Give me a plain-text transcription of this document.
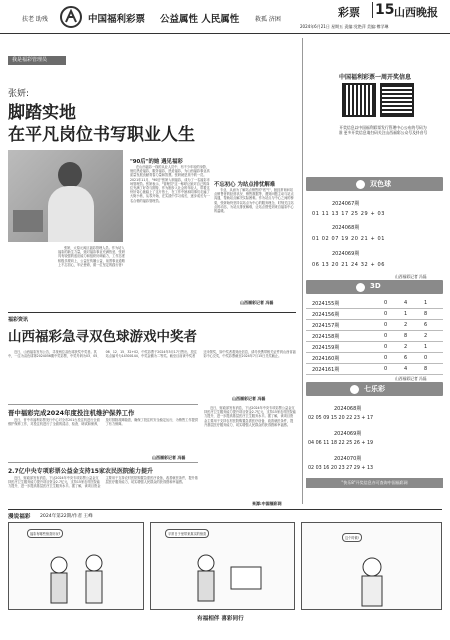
扶老 助残	中国福利彩票 公益属性 人民属性	救孤 济困
彩票 15 山西晚报
2024年6月21日 星期五 责编:党艳萍 美编:傅学琳
我是福彩管理员
张妍:
脚踏实地
在平凡岗位书写职业人生

张妍，太原元闳区福彩管理人员。作为切入福彩的新生力量，她对福彩事业充满热爱，张妍具有较强的适应能力和组织协调能力，工作态度积极乐观向上，公益在传播公益，前景事业道路上不忘初心，牢记使命，做一位坚定的践行者!

"90后"的她 遇见福彩

在山西福彩一线的从业人员中，有不少年轻的身影，他们热爱福彩，服务福彩，热爱福彩，为山西福彩事业高质量发展贡献青春力量和智慧。张妍就是其中的一员。2021年11月，"90后"张妍入职福彩，成为了一名福彩市场管理员。张妍表示，"管理员"这一称呼让她对自己的岗位充满了好奇与期待，作为刚步入社会的年轻人，带着这份好奇心她踏上了这片热土，在工作中她和同事们走遍了大街小巷，从零开始，在实践中学习成长，逐步成长为一名合格的福彩管理员。

不忘初心 为站点排忧解难

专业，从而为了解站点销售的"底气"，她经常询问站点销售者的经营状况、销售数据等，遇到问题主动与站点沟通，帮助站点解决实际困难。作为站点与中心之间的桥梁，张妍始终坚持以站点为中心的服务理念，时刻关注站点的动态，为站点排忧解难，让站点感受到来自福彩中心的温暖。

山西福彩记者 冯磊
福彩资讯
山西福彩急寻双色球游戏中奖者

近日，山西福彩发布公告，寻找两位双色球获奖中奖者。其中，一注为双色球第2024056期中奖彩票，中奖号码为03、05、06、12、15、32+02，中奖彩票于2024年5月17日售出，投注站点编号为14300144，中奖金额为二等奖。截至目前该中奖者还未领奖，如中奖者看到此信息，请尽快携带相关证件到山西省福彩中心兑奖，中奖彩票截至2024年7月15日兑奖截止。

山西福彩记者 冯磊
晋中福彩完成2024年度投注机维护保养工作

近日，晋中市福利彩票发行中心对全市201台投注机进行全面维护保养工作，对投注机进行了全面的清洁、检查、调试和保养，及时排除故障隐患，确保了投注机安全稳定运行，为销售工作提供了有力保障。

山西福彩记者 冯磊
2.7亿中央专项彩票公益金支持15家农民医院能力提升

近日，财政部发布消息，下达2024年中央专项彩票公益金支持医疗卫生服务能力提升项目资金2.7亿元，支持15家农村医院能力提升，进一步提高基层医疗卫生服务水平。据了解，该项目资金主要用于支持农村医院购置急需医疗设备，改善就医条件，提升基层医疗服务能力，切实增强人民群众的获得感和幸福感。

近日，财政部发布消息，下达2024年中央专项彩票公益金支持医疗卫生服务能力提升项目资金2.7亿元，支持15家农村医院能力提升，进一步提高基层医疗卫生服务水平。据了解，该项目资金主要用于支持农村医院购置急需医疗设备，改善就医条件，提升基层医疗服务能力，切实增强人民群众的获得感和幸福感。

来源:中国福彩网
漫说福彩 2024年第22期/作者 王峰
福彩有哪些惊喜好玩?	平常日子里带来真实的惊喜
这个时候!
有福相伴 喜彩同行
中国福利彩票一周开奖信息
开奖信息以中国福利彩票发行管理中心公布的号码为准 更多开奖信息请扫码关注山西福彩公众号及抖音号
双色球
2024067期
01 11 13 17 25 29 + 03
2024068期
01 02 07 19 20 21 + 01
2024069期
06 13 20 21 24 32 + 06
山西福彩记者 冯磊
3D
2024155期	0	4	1
2024156期	0	1	8
2024157期	0	2	6
2024158期	0	8	2
2024159期	0	2	1
2024160期	0	6	0
2024161期	0	4	8
山西福彩记者 冯磊
七乐彩
2024068期
02 05 09 15 20 22 23 + 17
2024069期
04 06 11 18 22 25 26 + 19
2024070期
02 03 16 20 23 27 29 + 13
"快乐8"开奖信息亦可查询中国福彩网
